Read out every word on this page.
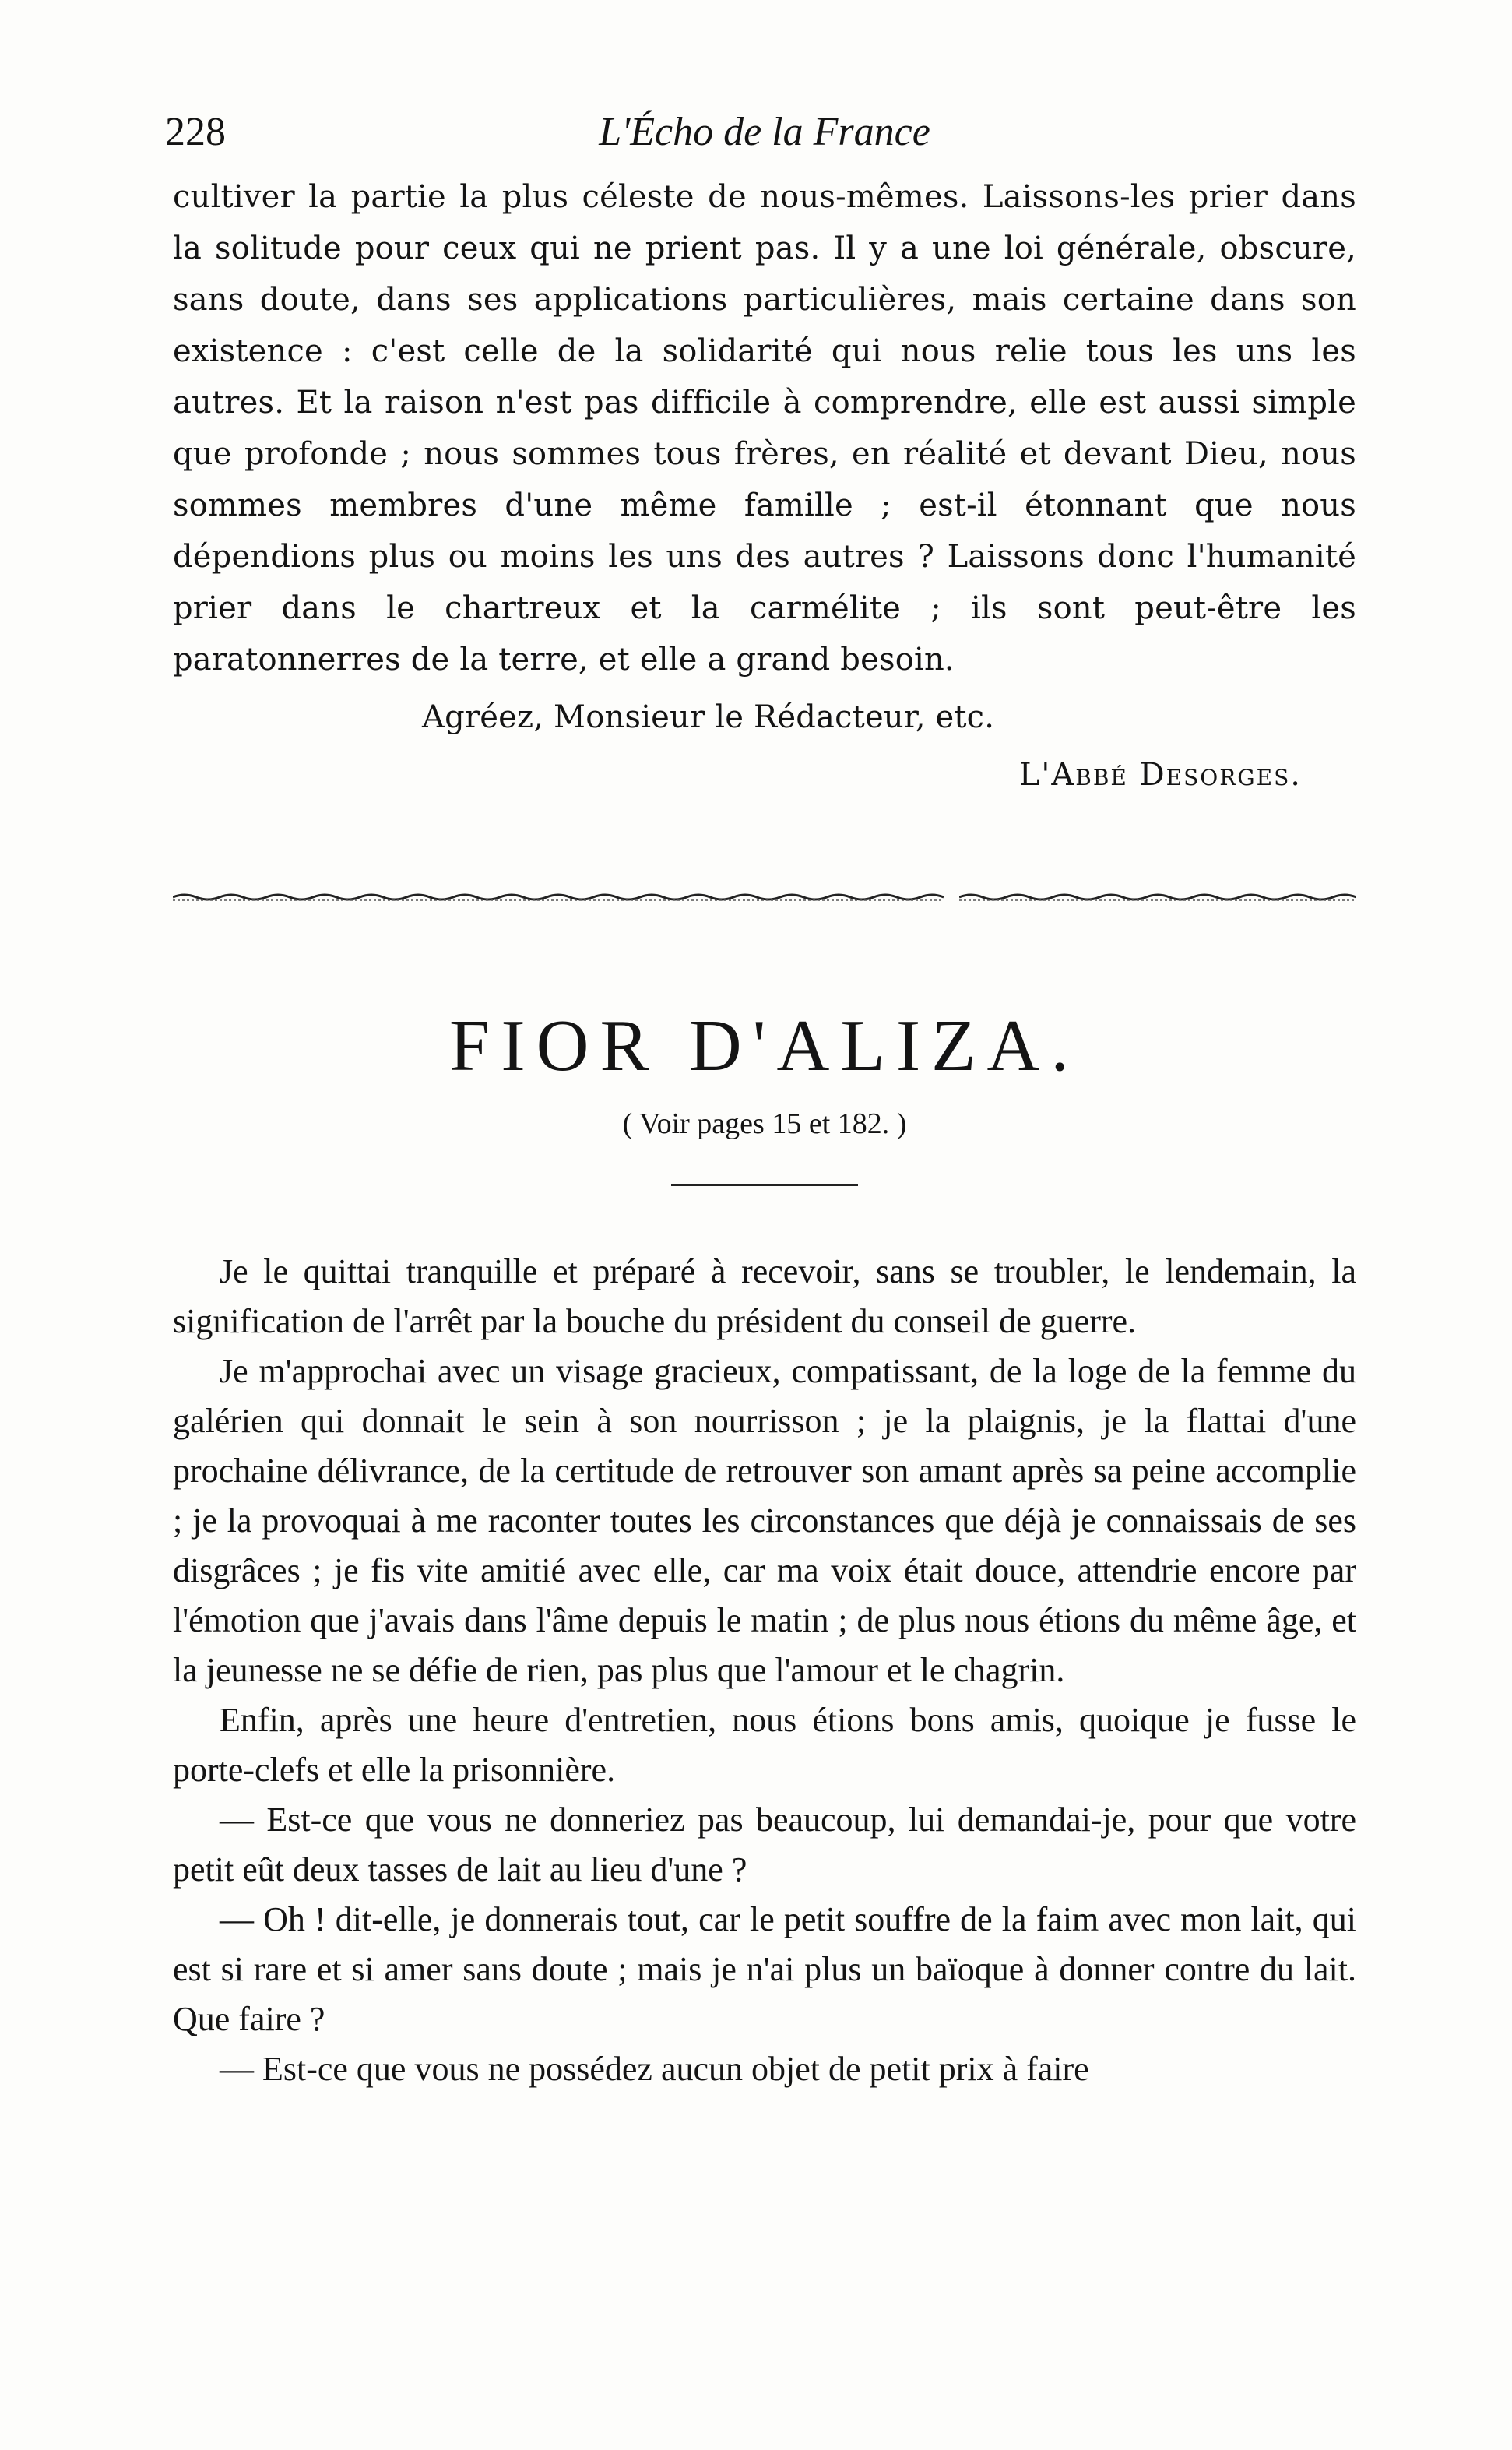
228	L'Écho de la France

cultiver la partie la plus céleste de nous-mêmes. Laissons-les prier dans la solitude pour ceux qui ne prient pas. Il y a une loi générale, obscure, sans doute, dans ses applications particulières, mais certaine dans son existence : c'est celle de la solidarité qui nous relie tous les uns les autres. Et la raison n'est pas difficile à comprendre, elle est aussi simple que profonde ; nous sommes tous frères, en réalité et devant Dieu, nous sommes membres d'une même famille ; est-il étonnant que nous dépendions plus ou moins les uns des autres ? Laissons donc l'humanité prier dans le chartreux et la carmélite ; ils sont peut-être les paratonnerres de la terre, et elle a grand besoin.

Agréez, Monsieur le Rédacteur, etc.

L'Abbé Desorges.

FIOR D'ALIZA.
( Voir pages 15 et 182. )

Je le quittai tranquille et préparé à recevoir, sans se troubler, le lendemain, la signification de l'arrêt par la bouche du président du conseil de guerre.

Je m'approchai avec un visage gracieux, compatissant, de la loge de la femme du galérien qui donnait le sein à son nourrisson ; je la plaignis, je la flattai d'une prochaine délivrance, de la certitude de retrouver son amant après sa peine accomplie ; je la provoquai à me raconter toutes les circonstances que déjà je connaissais de ses disgrâces ; je fis vite amitié avec elle, car ma voix était douce, attendrie encore par l'émotion que j'avais dans l'âme depuis le matin ; de plus nous étions du même âge, et la jeunesse ne se défie de rien, pas plus que l'amour et le chagrin.

Enfin, après une heure d'entretien, nous étions bons amis, quoique je fusse le porte-clefs et elle la prisonnière.

— Est-ce que vous ne donneriez pas beaucoup, lui demandai-je, pour que votre petit eût deux tasses de lait au lieu d'une ?

— Oh ! dit-elle, je donnerais tout, car le petit souffre de la faim avec mon lait, qui est si rare et si amer sans doute ; mais je n'ai plus un baïoque à donner contre du lait. Que faire ?

— Est-ce que vous ne possédez aucun objet de petit prix à faire
